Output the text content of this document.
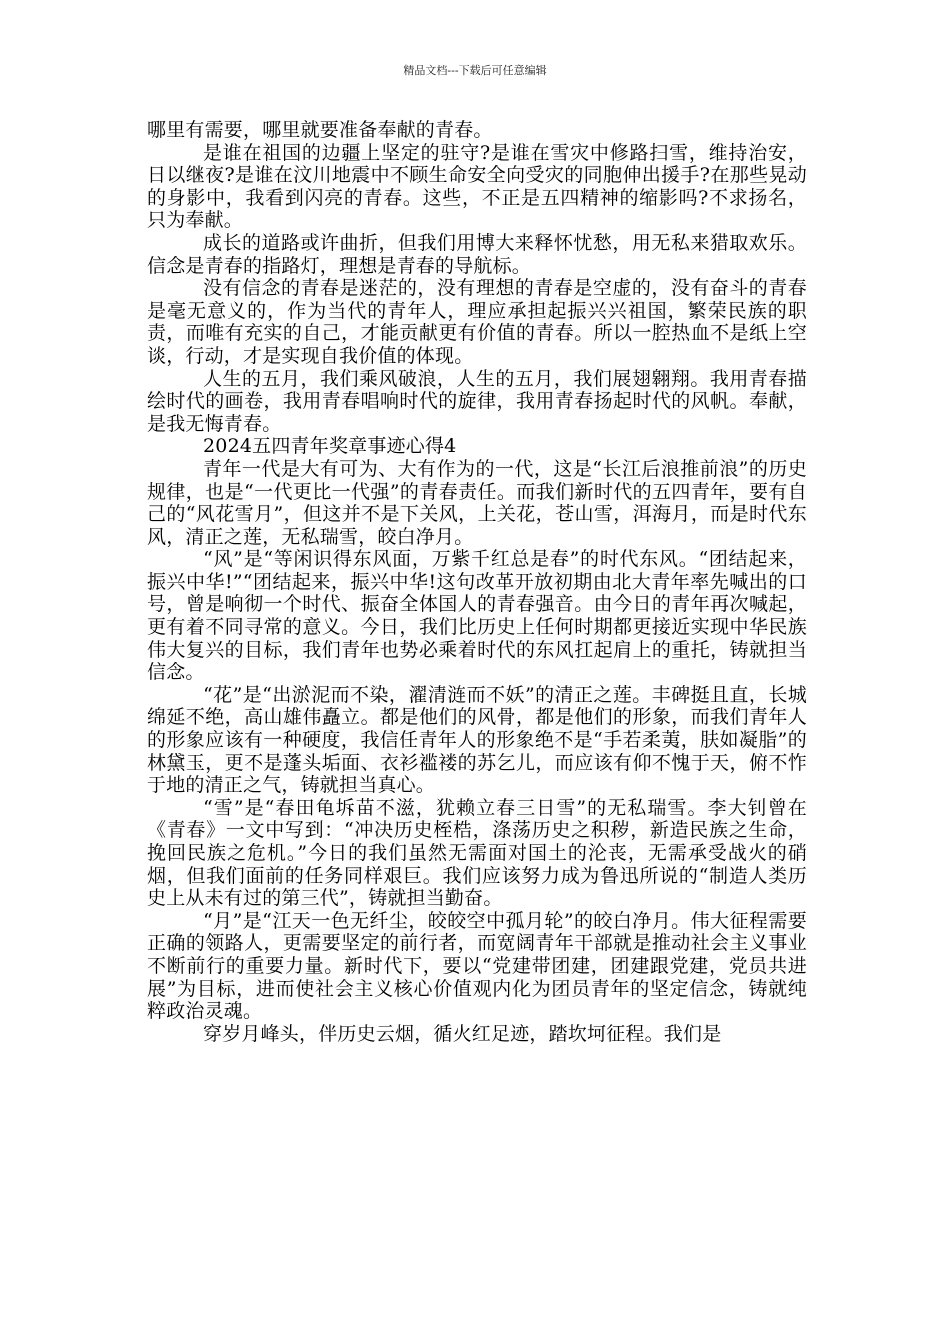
精品文档---下载后可任意编辑

哪里有需要，哪里就要准备奉献的青春。

是谁在祖国的边疆上坚定的驻守?是谁在雪灾中修路扫雪，维持治安，日以继夜?是谁在汶川地震中不顾生命安全向受灾的同胞伸出援手?在那些晃动的身影中，我看到闪亮的青春。这些，不正是五四精神的缩影吗?不求扬名，只为奉献。

成长的道路或许曲折，但我们用博大来释怀忧愁，用无私来猎取欢乐。信念是青春的指路灯，理想是青春的导航标。

没有信念的青春是迷茫的，没有理想的青春是空虚的，没有奋斗的青春是毫无意义的，作为当代的青年人，理应承担起振兴兴祖国，繁荣民族的职责，而唯有充实的自己，才能贡献更有价值的青春。所以一腔热血不是纸上空谈，行动，才是实现自我价值的体现。

人生的五月，我们乘风破浪，人生的五月，我们展翅翱翔。我用青春描绘时代的画卷，我用青春唱响时代的旋律，我用青春扬起时代的风帆。奉献，是我无悔青春。

2024五四青年奖章事迹心得4

青年一代是大有可为、大有作为的一代，这是“长江后浪推前浪”的历史规律，也是“一代更比一代强”的青春责任。而我们新时代的五四青年，要有自己的“风花雪月”，但这并不是下关风，上关花，苍山雪，洱海月，而是时代东风，清正之莲，无私瑞雪，皎白净月。

“风”是“等闲识得东风面，万紫千红总是春”的时代东风。“团结起来，振兴中华!”“团结起来，振兴中华!这句改革开放初期由北大青年率先喊出的口号，曾是响彻一个时代、振奋全体国人的青春强音。由今日的青年再次喊起，更有着不同寻常的意义。今日，我们比历史上任何时期都更接近实现中华民族伟大复兴的目标，我们青年也势必乘着时代的东风扛起肩上的重托，铸就担当信念。

“花”是“出淤泥而不染，濯清涟而不妖”的清正之莲。丰碑挺且直，长城绵延不绝，高山雄伟矗立。都是他们的风骨，都是他们的形象，而我们青年人的形象应该有一种硬度，我信任青年人的形象绝不是“手若柔荑，肤如凝脂”的林黛玉，更不是蓬头垢面、衣衫褴褛的苏乞儿，而应该有仰不愧于天，俯不怍于地的清正之气，铸就担当真心。

“雪”是“春田龟坼苗不滋，犹赖立春三日雪”的无私瑞雪。李大钊曾在《青春》一文中写到：“冲决历史桎梏，涤荡历史之积秽，新造民族之生命，挽回民族之危机。”今日的我们虽然无需面对国土的沦丧，无需承受战火的硝烟，但我们面前的任务同样艰巨。我们应该努力成为鲁迅所说的“制造人类历史上从未有过的第三代”，铸就担当勤奋。

“月”是“江天一色无纤尘，皎皎空中孤月轮”的皎白净月。伟大征程需要正确的领路人，更需要坚定的前行者，而宽阔青年干部就是推动社会主义事业不断前行的重要力量。新时代下，要以“党建带团建，团建跟党建，党员共进展”为目标，进而使社会主义核心价值观内化为团员青年的坚定信念，铸就纯粹政治灵魂。

穿岁月峰头，伴历史云烟，循火红足迹，踏坎坷征程。我们是
